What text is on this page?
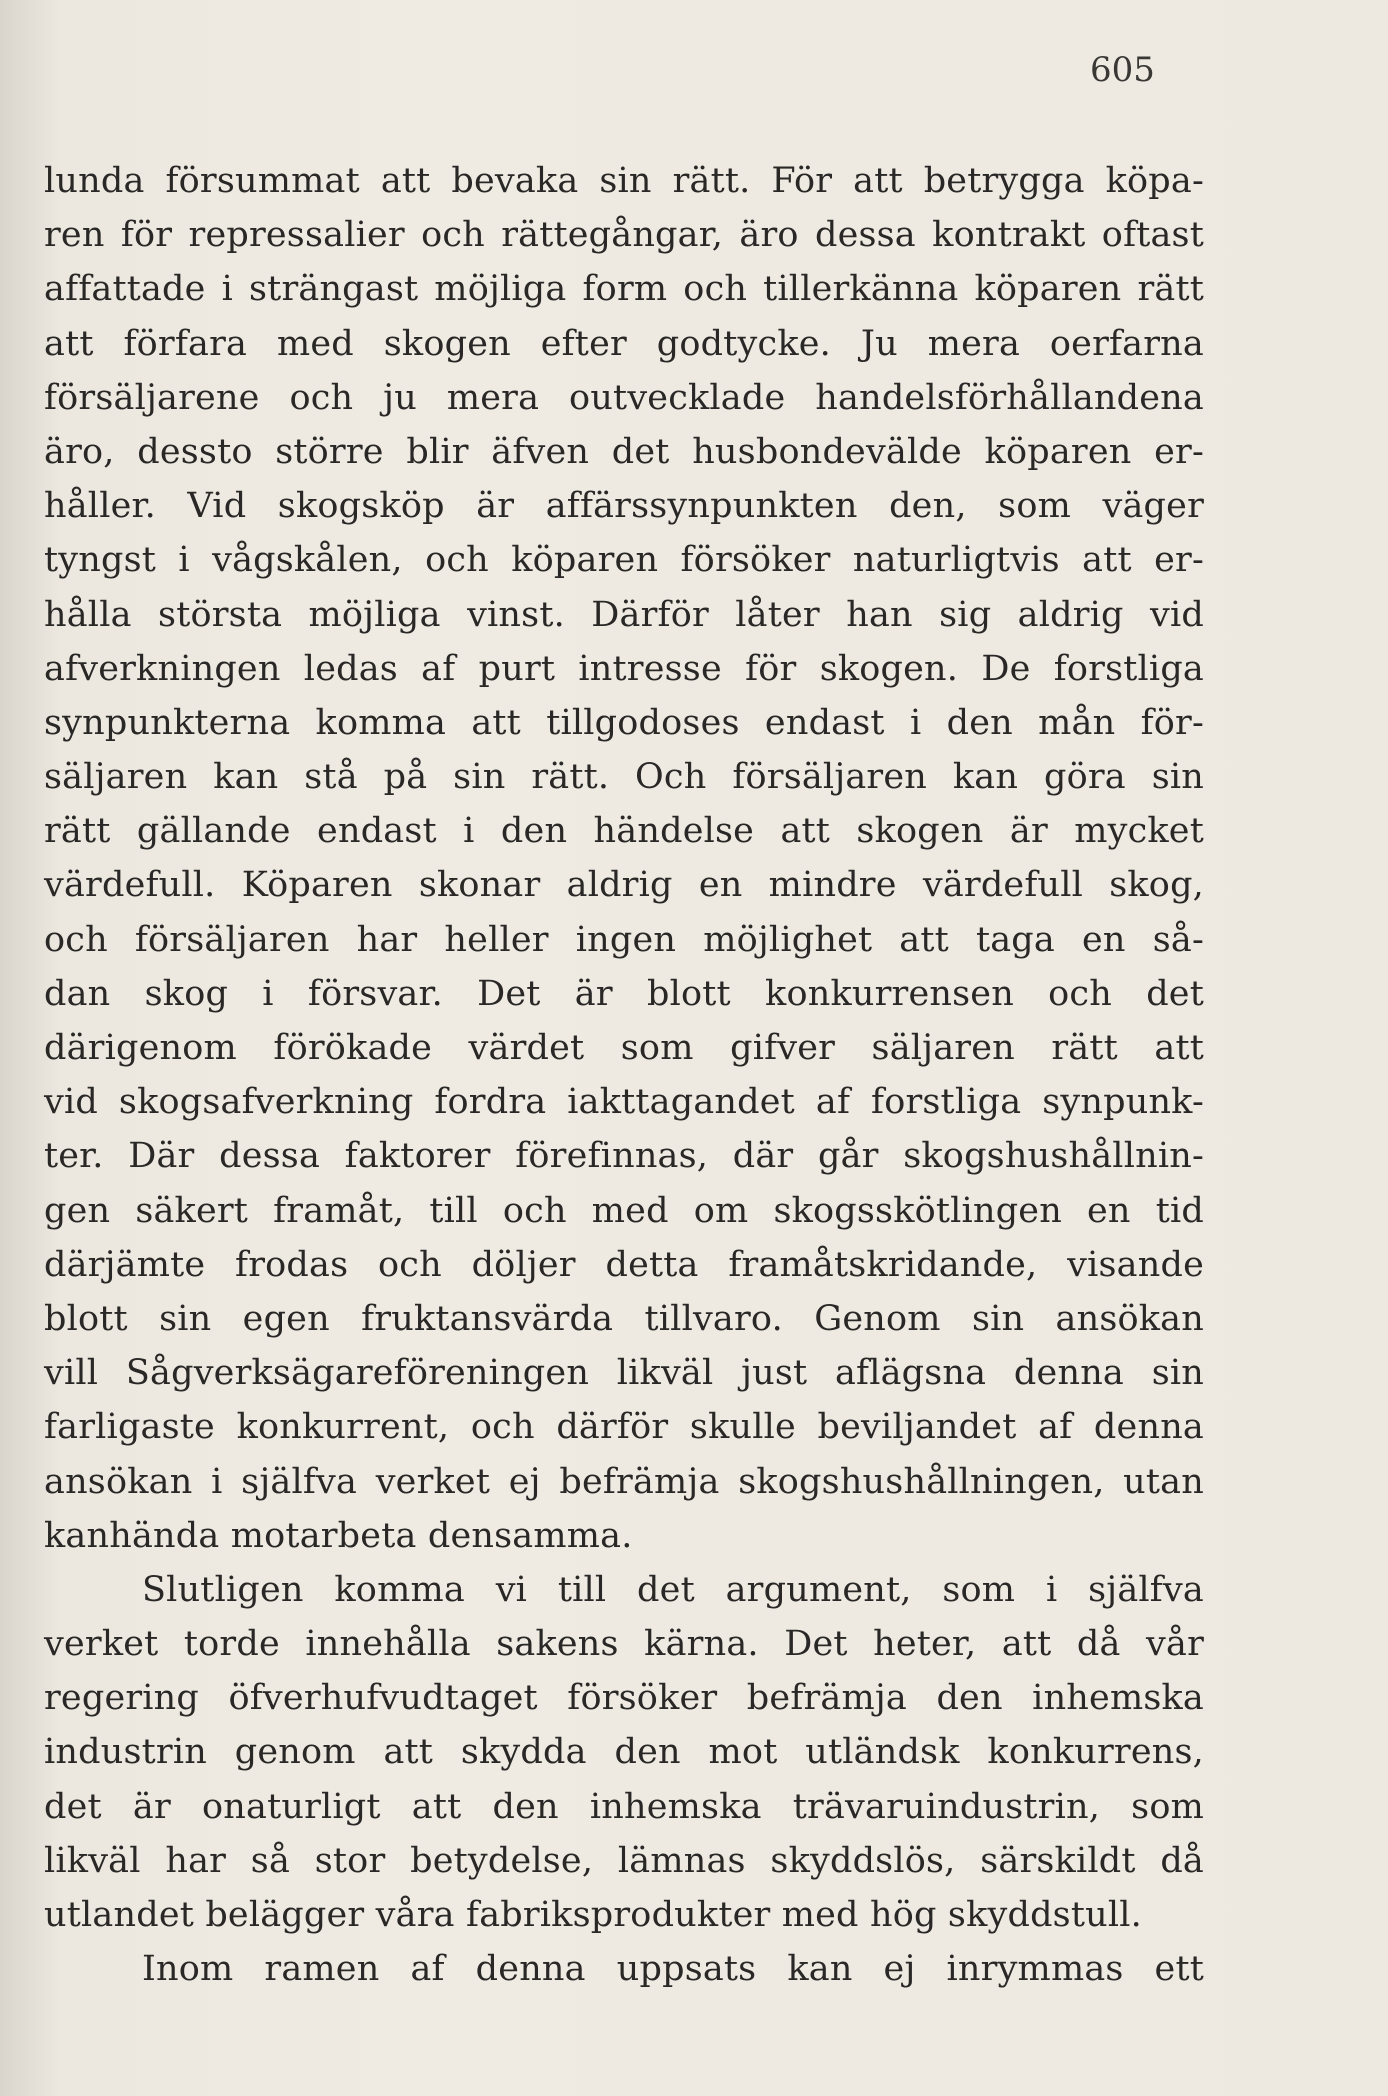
605
lunda försummat att bevaka sin rätt. För att betrygga köpa-
ren för repressalier och rättegångar, äro dessa kontrakt oftast
affattade i strängast möjliga form och tillerkänna köparen rätt
att förfara med skogen efter godtycke. Ju mera oerfarna
försäljarene och ju mera outvecklade handelsförhållandena
äro, dessto större blir äfven det husbondevälde köparen er-
håller. Vid skogsköp är affärssynpunkten den, som väger
tyngst i vågskålen, och köparen försöker naturligtvis att er-
hålla största möjliga vinst. Därför låter han sig aldrig vid
afverkningen ledas af purt intresse för skogen. De forstliga
synpunkterna komma att tillgodoses endast i den mån för-
säljaren kan stå på sin rätt. Och försäljaren kan göra sin
rätt gällande endast i den händelse att skogen är mycket
värdefull. Köparen skonar aldrig en mindre värdefull skog,
och försäljaren har heller ingen möjlighet att taga en så-
dan skog i försvar. Det är blott konkurrensen och det
därigenom förökade värdet som gifver säljaren rätt att
vid skogsafverkning fordra iakttagandet af forstliga synpunk-
ter. Där dessa faktorer förefinnas, där går skogshushållnin-
gen säkert framåt, till och med om skogsskötlingen en tid
därjämte frodas och döljer detta framåtskridande, visande
blott sin egen fruktansvärda tillvaro. Genom sin ansökan
vill Sågverksägareföreningen likväl just aflägsna denna sin
farligaste konkurrent, och därför skulle beviljandet af denna
ansökan i själfva verket ej befrämja skogshushållningen, utan
kanhända motarbeta densamma.
Slutligen komma vi till det argument, som i själfva
verket torde innehålla sakens kärna. Det heter, att då vår
regering öfverhufvudtaget försöker befrämja den inhemska
industrin genom att skydda den mot utländsk konkurrens,
det är onaturligt att den inhemska trävaruindustrin, som
likväl har så stor betydelse, lämnas skyddslös, särskildt då
utlandet belägger våra fabriksprodukter med hög skyddstull.
Inom ramen af denna uppsats kan ej inrymmas ett
